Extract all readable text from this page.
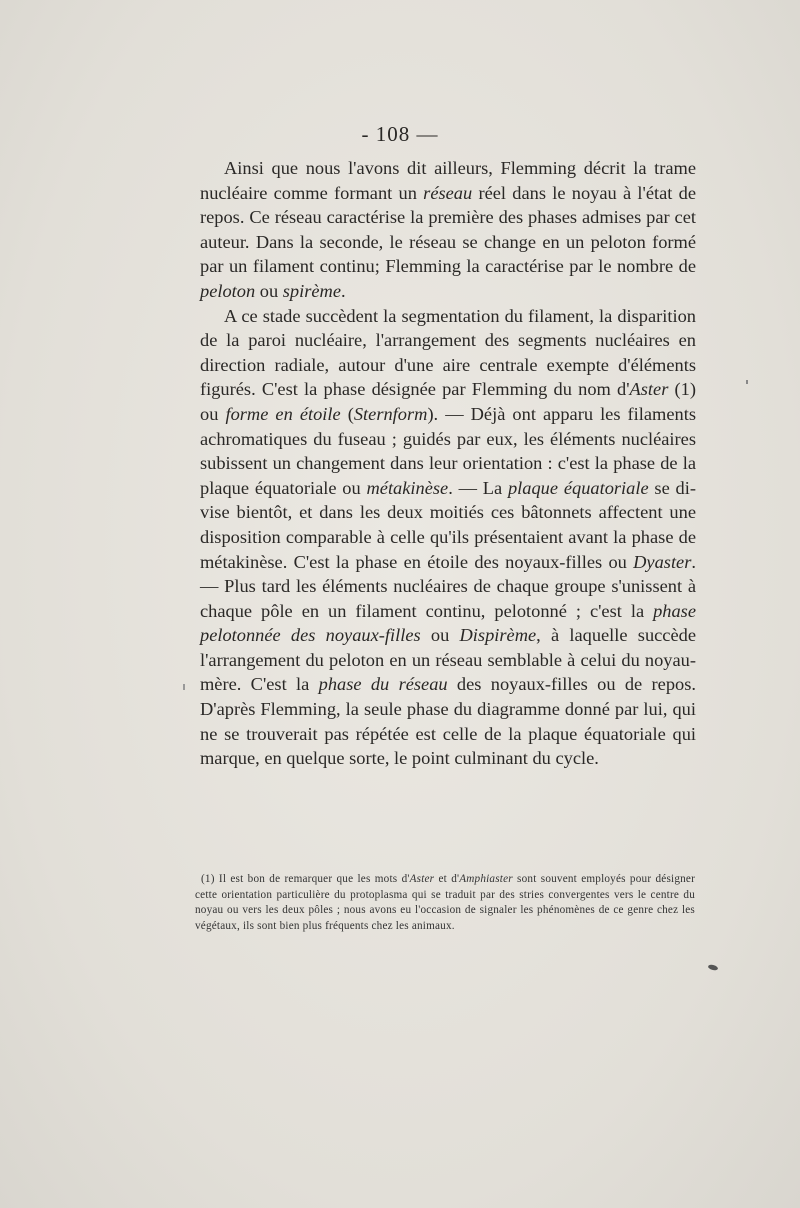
- 108 —

Ainsi que nous l'avons dit ailleurs, Flemming décrit la trame nucléaire comme formant un réseau réel dans le noyau à l'état de repos. Ce réseau caractérise la première des phases admises par cet auteur. Dans la seconde, le réseau se change en un peloton formé par un filament continu; Flemming la caractérise par le nombre de peloton ou spirème.

A ce stade succèdent la segmentation du filament, la disparition de la paroi nucléaire, l'arrangement des segments nucléaires en direction radiale, autour d'une aire centrale exempte d'éléments figurés. C'est la phase désignée par Flemming du nom d'Aster (1) ou forme en étoile (Sternform). — Déjà ont apparu les filaments achromatiques du fuseau ; guidés par eux, les éléments nucléaires subissent un changement dans leur orientation : c'est la phase de la plaque équatoriale ou métakinèse. — La plaque équatoriale se divise bientôt, et dans les deux moitiés ces bâtonnets affectent une disposition comparable à celle qu'ils présentaient avant la phase de métakinèse. C'est la phase en étoile des noyaux-filles ou Dyaster. — Plus tard les éléments nucléaires de chaque groupe s'unissent à chaque pôle en un filament continu, pelotonné ; c'est la phase pelotonnée des noyaux-filles ou Dispirème, à laquelle succède l'arrangement du peloton en un réseau semblable à celui du noyau-mère. C'est la phase du réseau des noyaux-filles ou de repos. D'après Flemming, la seule phase du diagramme donné par lui, qui ne se trouverait pas répétée est celle de la plaque équatoriale qui marque, en quelque sorte, le point culminant du cycle.

(1) Il est bon de remarquer que les mots d'Aster et d'Amphiaster sont souvent employés pour désigner cette orientation particulière du protoplasma qui se traduit par des stries convergentes vers le centre du noyau ou vers les deux pôles ; nous avons eu l'occasion de signaler les phénomènes de ce genre chez les végétaux, ils sont bien plus fréquents chez les animaux.
